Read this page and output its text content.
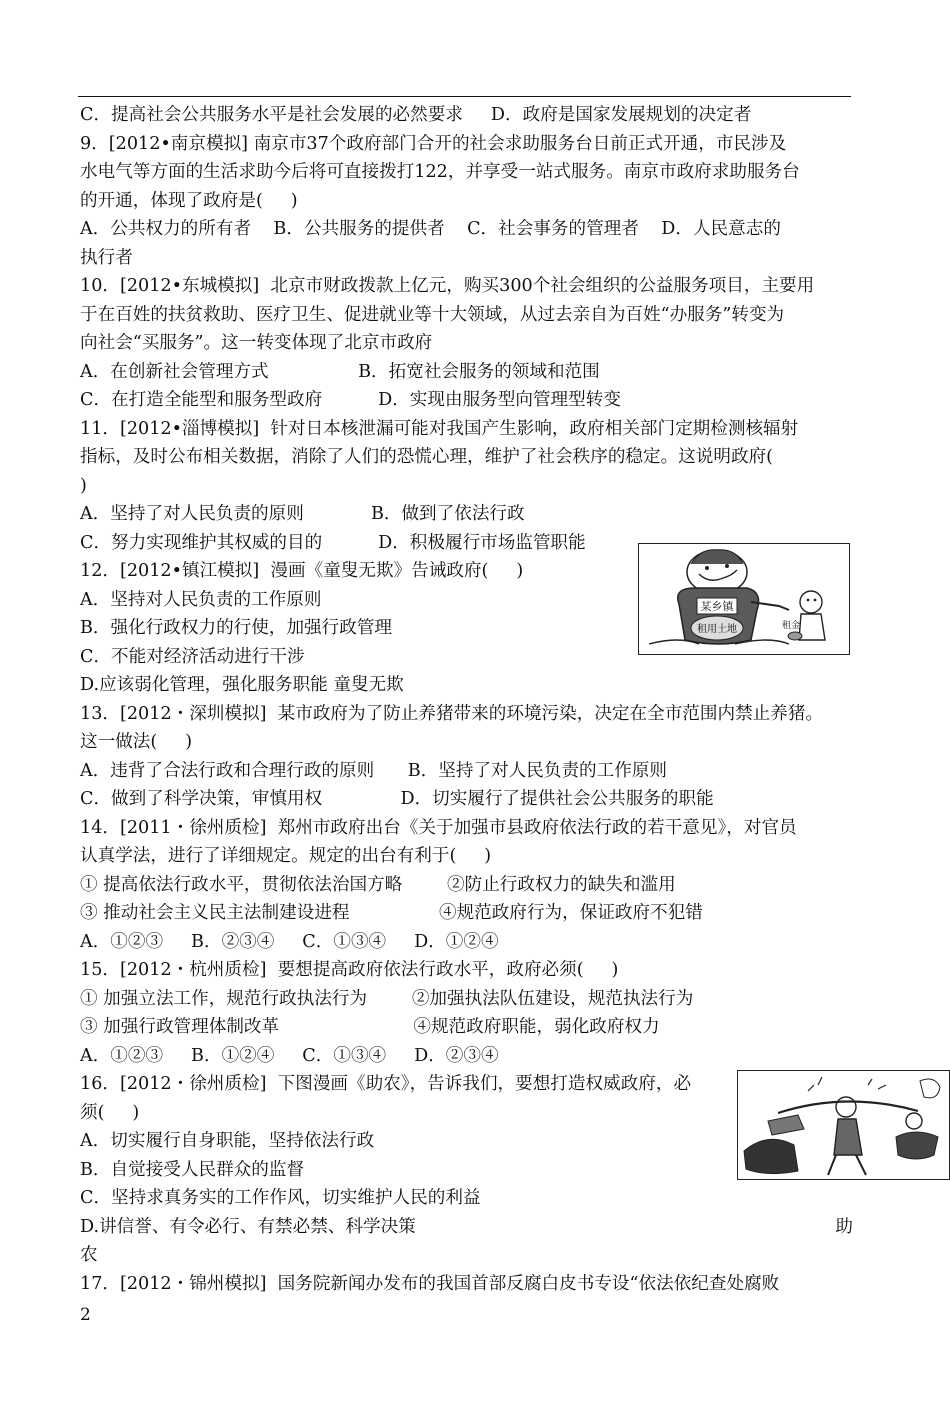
C．提高社会公共服务水平是社会发展的必然要求     D．政府是国家发展规划的决定者
9．[2012•南京模拟] 南京市37个政府部门合开的社会求助服务台日前正式开通，市民涉及
水电气等方面的生活求助今后将可直接拨打122，并享受一站式服务。南京市政府求助服务台
的开通，体现了政府是(     )
A．公共权力的所有者    B．公共服务的提供者    C．社会事务的管理者    D．人民意志的
执行者
10．[2012•东城模拟]  北京市财政拨款上亿元，购买300个社会组织的公益服务项目，主要用
于在百姓的扶贫救助、医疗卫生、促进就业等十大领域，从过去亲自为百姓“办服务”转变为
向社会“买服务”。这一转变体现了北京市政府
A．在创新社会管理方式                B．拓宽社会服务的领域和范围
C．在打造全能型和服务型政府          D．实现由服务型向管理型转变
11．[2012•淄博模拟]  针对日本核泄漏可能对我国产生影响，政府相关部门定期检测核辐射
指标，及时公布相关数据，消除了人们的恐慌心理，维护了社会秩序的稳定。这说明政府(
)
A．坚持了对人民负责的原则            B．做到了依法行政
C．努力实现维护其权威的目的          D．积极履行市场监管职能
12．[2012•镇江模拟]  漫画《童叟无欺》告诫政府(     )
A．坚持对人民负责的工作原则
B．强化行政权力的行使，加强行政管理
C．不能对经济活动进行干涉
D.应该弱化管理，强化服务职能 童叟无欺
13．[2012・深圳模拟]  某市政府为了防止养猪带来的环境污染，决定在全市范围内禁止养猪。
这一做法(     )
A．违背了合法行政和合理行政的原则      B．坚持了对人民负责的工作原则
C．做到了科学决策，审慎用权              D．切实履行了提供社会公共服务的职能
14．[2011・徐州质检]  郑州市政府出台《关于加强市县政府依法行政的若干意见》，对官员
认真学法，进行了详细规定。规定的出台有利于(     )
① 提高依法行政水平，贯彻依法治国方略        ②防止行政权力的缺失和滥用
③ 推动社会主义民主法制建设进程                ④规范政府行为，保证政府不犯错
A．①②③     B．②③④     C．①③④     D．①②④
15．[2012・杭州质检]  要想提高政府依法行政水平，政府必须(     )
① 加强立法工作，规范行政执法行为        ②加强执法队伍建设，规范执法行为
③ 加强行政管理体制改革                        ④规范政府职能，弱化政府权力
A．①②③     B．①②④     C．①③④     D．②③④
16．[2012・徐州质检]  下图漫画《助农》，告诉我们，要想打造权威政府，必
须(     )
A．切实履行自身职能，坚持依法行政
B．自觉接受人民群众的监督
C．坚持求真务实的工作作风，切实维护人民的利益
D.讲信誉、有令必行、有禁必禁、科学决策	助
农
17．[2012・锦州模拟]  国务院新闻办发布的我国首部反腐白皮书专设“依法依纪查处腐败
某乡镇
租用土地	租金
2
